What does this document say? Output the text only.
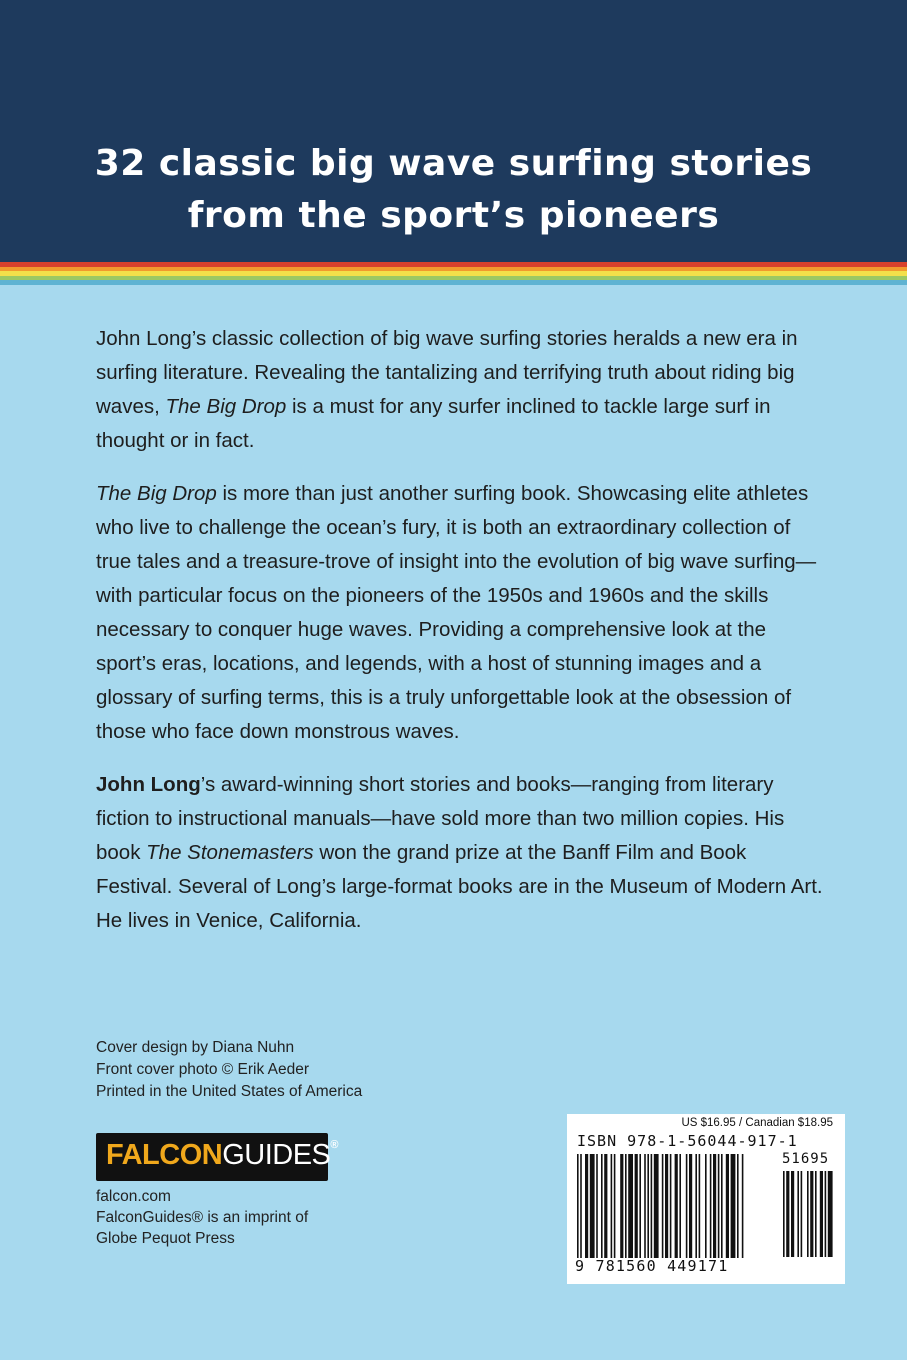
32 classic big wave surfing stories
from the sport’s pioneers

John Long’s classic collection of big wave surfing stories heralds a new era in surfing literature. Revealing the tantalizing and terrifying truth about riding big waves, The Big Drop is a must for any surfer inclined to tackle large surf in thought or in fact.

The Big Drop is more than just another surfing book. Showcasing elite athletes who live to challenge the ocean’s fury, it is both an extraordinary collection of true tales and a treasure-trove of insight into the evolution of big wave surfing—with particular focus on the pioneers of the 1950s and 1960s and the skills necessary to conquer huge waves. Providing a comprehensive look at the sport’s eras, locations, and legends, with a host of stunning images and a glossary of surfing terms, this is a truly unforgettable look at the obsession of those who face down monstrous waves.

John Long’s award-winning short stories and books—ranging from literary fiction to instructional manuals—have sold more than two million copies. His book The Stonemasters won the grand prize at the Banff Film and Book Festival. Several of Long’s large-format books are in the Museum of Modern Art. He lives in Venice, California.

Cover design by Diana Nuhn
Front cover photo © Erik Aeder
Printed in the United States of America
FALCONGUIDES®
falcon.com
FalconGuides® is an imprint of
Globe Pequot Press
US $16.95 / Canadian $18.95
ISBN 978-1-56044-917-1
51695
9 781560 449171
